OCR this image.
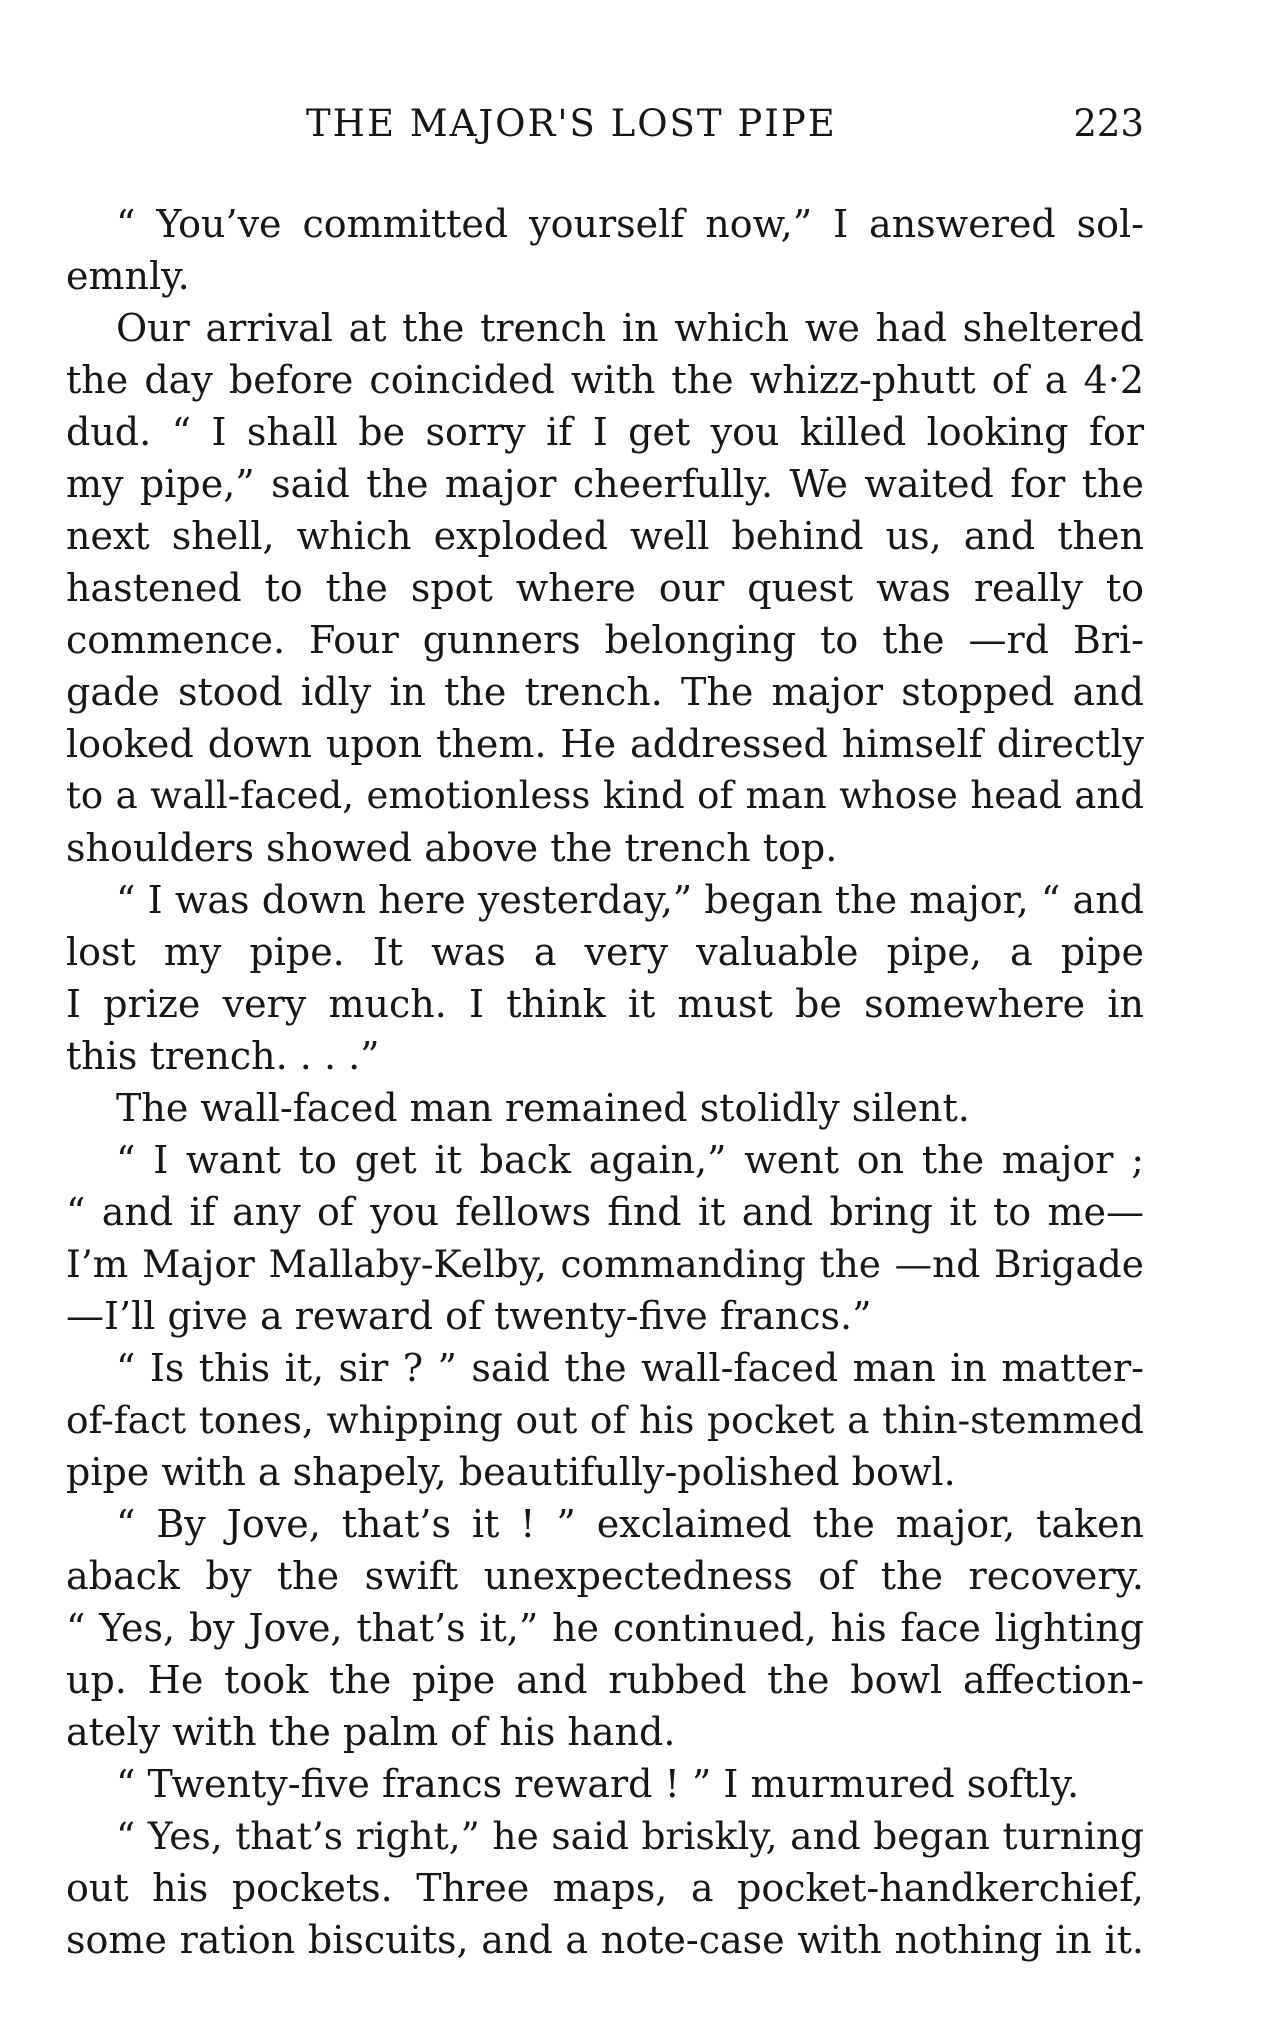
THE MAJOR'S LOST PIPE	223
“ You’ve committed yourself now,” I answered sol-
emnly.
Our arrival at the trench in which we had sheltered
the day before coincided with the whizz-phutt of a 4·2
dud. “ I shall be sorry if I get you killed looking for
my pipe,” said the major cheerfully. We waited for the
next shell, which exploded well behind us, and then
hastened to the spot where our quest was really to
commence. Four gunners belonging to the —rd Bri-
gade stood idly in the trench. The major stopped and
looked down upon them. He addressed himself directly
to a wall-faced, emotionless kind of man whose head and
shoulders showed above the trench top.
“ I was down here yesterday,” began the major, “ and
lost my pipe. It was a very valuable pipe, a pipe
I prize very much. I think it must be somewhere in
this trench. . . .”
The wall-faced man remained stolidly silent.
“ I want to get it back again,” went on the major ;
“ and if any of you fellows find it and bring it to me—
I’m Major Mallaby-Kelby, commanding the —nd Brigade
—I’ll give a reward of twenty-five francs.”
“ Is this it, sir ? ” said the wall-faced man in matter-
of-fact tones, whipping out of his pocket a thin-stemmed
pipe with a shapely, beautifully-polished bowl.
“ By Jove, that’s it ! ” exclaimed the major, taken
aback by the swift unexpectedness of the recovery.
“ Yes, by Jove, that’s it,” he continued, his face lighting
up. He took the pipe and rubbed the bowl affection-
ately with the palm of his hand.
“ Twenty-five francs reward ! ” I murmured softly.
“ Yes, that’s right,” he said briskly, and began turning
out his pockets. Three maps, a pocket-handkerchief,
some ration biscuits, and a note-case with nothing in it.
